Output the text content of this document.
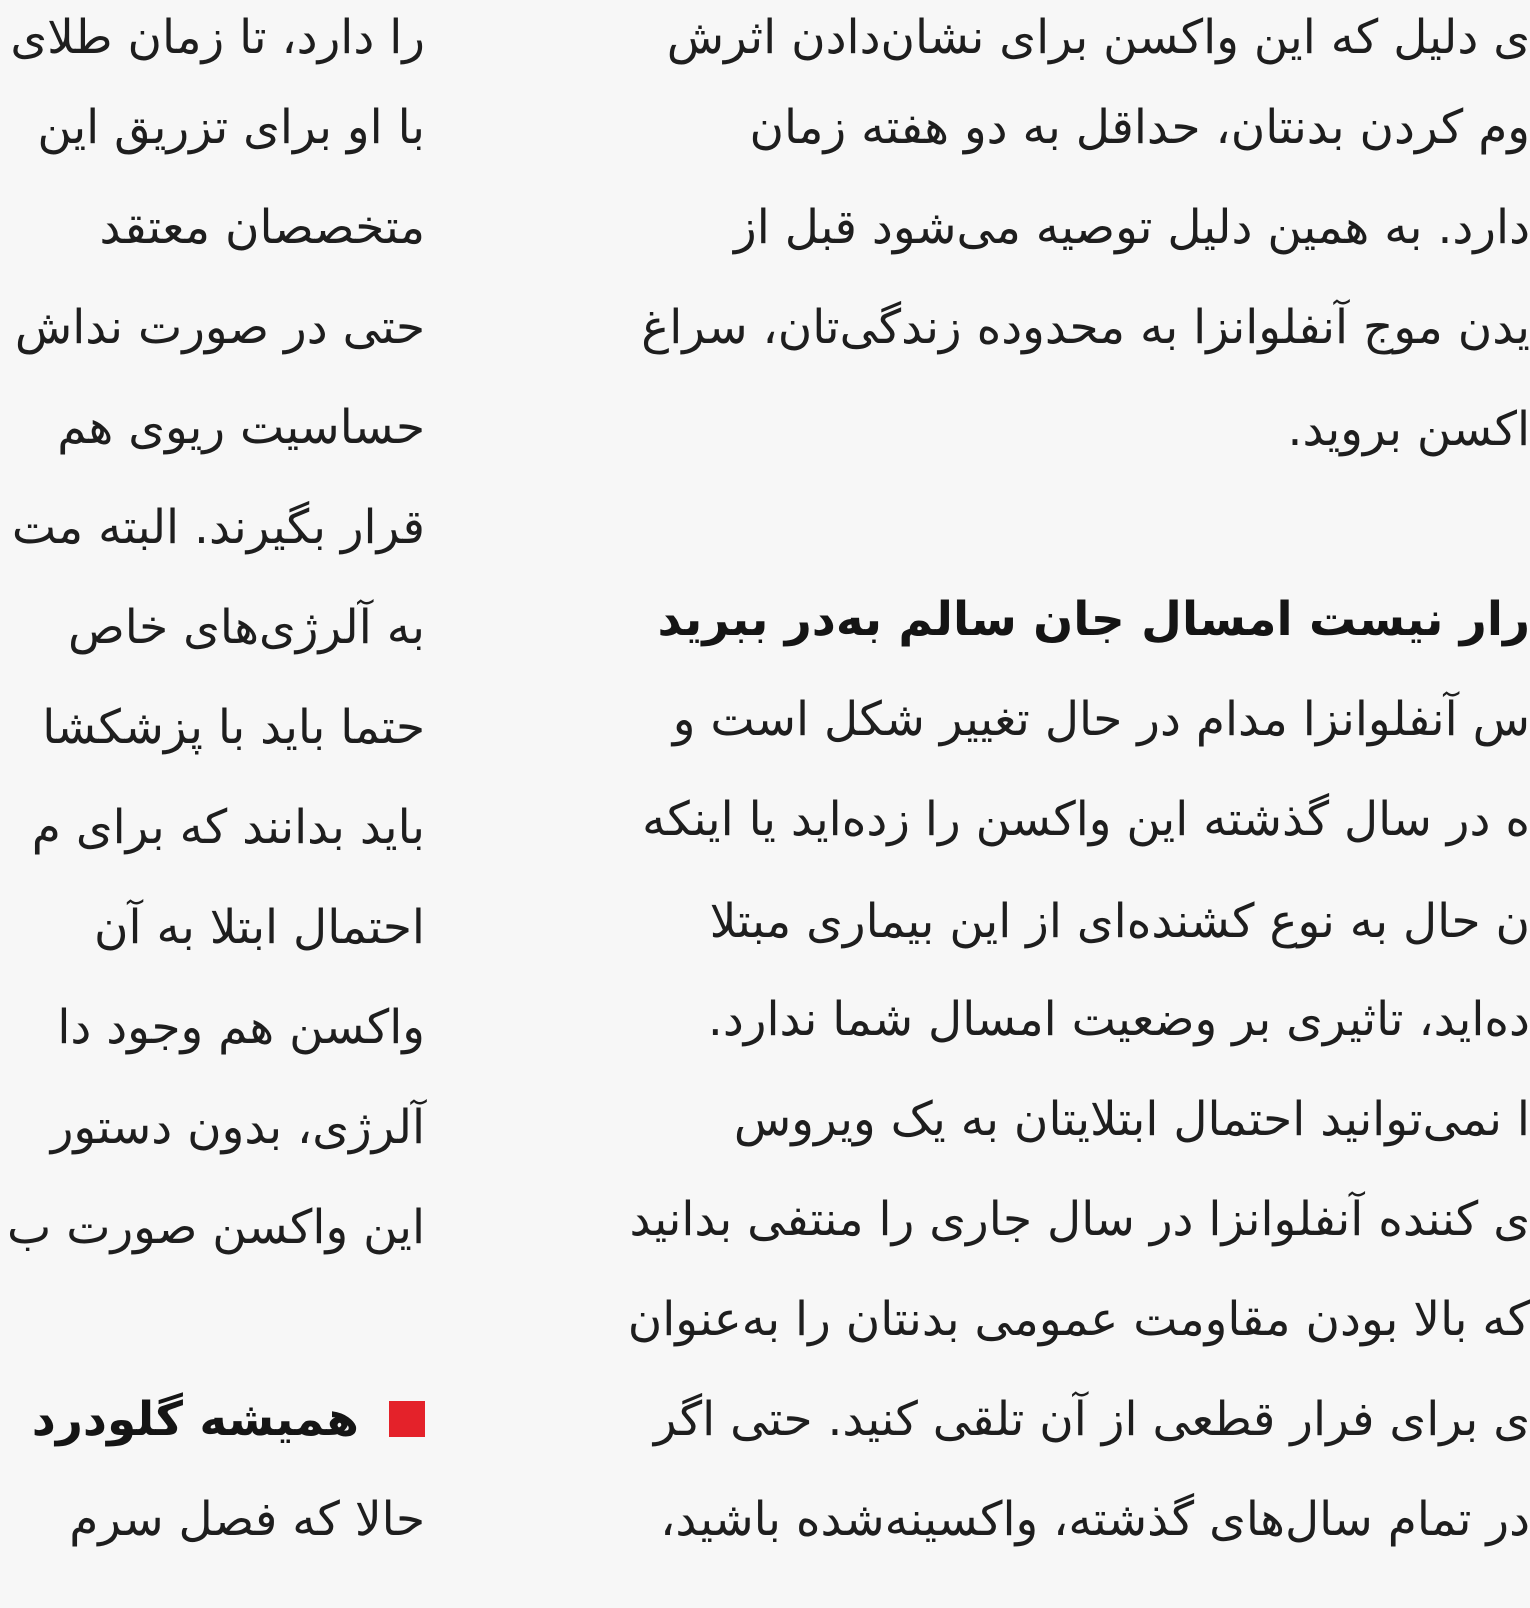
ی دلیل که این واکسن برای نشان‌دادن اثرش
وم کردن بدنتان، حداقل به دو هفته زمان
دارد. به همین دلیل توصیه می‌شود قبل از
یدن موج آنفلوانزا به محدوده زندگی‌تان، سراغ
اکسن بروید.
رار نیست امسال جان سالم به‌در ببرید
س آنفلوانزا مدام در حال تغییر شکل است و
ه در سال گذشته این واکسن را زده‌اید یا اینکه
ن حال به نوع کشنده‌ای از این بیماری مبتلا
ده‌اید، تاثیری بر وضعیت امسال شما ندارد.
ا نمی‌توانید احتمال ابتلایتان به یک ویروس
ی کننده آنفلوانزا در سال جاری را منتفی بدانید
که بالا بودن مقاومت عمومی بدنتان را به‌عنوان
ی برای فرار قطعی از آن تلقی کنید. حتی اگر
در تمام سال‌های گذشته، واکسینه‌شده باشید،
را دارد، تا زمان طلای
با او برای تزریق این
متخصصان معتقد
حتی در صورت نداش
حساسیت ریوی هم
قرار بگیرند. البته مت
به آلرژی‌های خاص
حتما باید با پزشکشا
باید بدانند که برای م
احتمال ابتلا به آن
واکسن هم وجود دا
آلرژی، بدون دستور
این واکسن صورت ب
همیشه گلودرد
حالا که فصل سرم
